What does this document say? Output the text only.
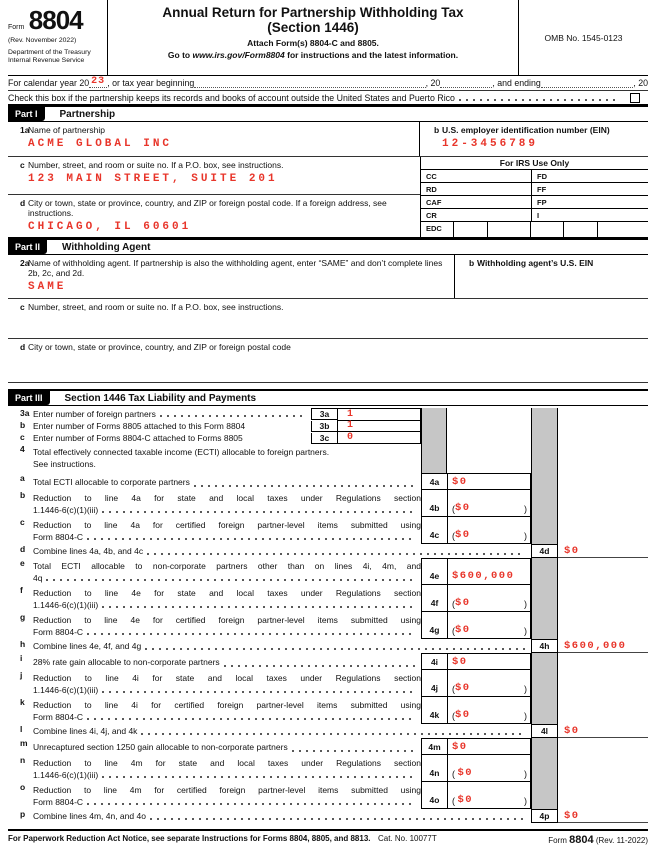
Form 8804
(Rev. November 2022)
Department of the Treasury
Internal Revenue Service
Annual Return for Partnership Withholding Tax
(Section 1446)
Attach Form(s) 8804-C and 8805.
Go to www.irs.gov/Form8804 for instructions and the latest information.
OMB No. 1545-0123
For calendar year 20 23 , or tax year beginning	, 20	, and ending	, 20
Check this box if the partnership keeps its records and books of account outside the United States and Puerto Rico
Part I	Partnership
1a
Name of partnership
ACME GLOBAL INC
b U.S. employer identification number (EIN)
12-3456789
c Number, street, and room or suite no. If a P.O. box, see instructions.
123 MAIN STREET, SUITE 201
d City or town, state or province, country, and ZIP or foreign postal code. If a foreign address, see instructions.
CHICAGO, IL 60601
For IRS Use Only
CC	FD
RD	FF
CAF	FP
CR	I
EDC
Part II	Withholding Agent
2a
Name of withholding agent. If partnership is also the withholding agent, enter “SAME” and don’t complete lines 2b, 2c, and 2d.
SAME
b Withholding agent’s U.S. EIN
c Number, street, and room or suite no. If a P.O. box, see instructions.
d City or town, state or province, country, and ZIP or foreign postal code
Part III	Section 1446 Tax Liability and Payments
3a Enter number of foreign partners	3a	1
b Enter number of Forms 8805 attached to this Form 8804	3b	1
c Enter number of Forms 8804-C attached to Forms 8805	3c	0
4 Total effectively connected taxable income (ECTI) allocable to foreign partners.
See instructions.
a Total ECTI allocable to corporate partners	4a	$0
b Reduction to line 4a for state and local taxes under Regulations section
1.1446-6(c)(1)(iii)	4b	( $0	)
c Reduction to line 4a for certified foreign partner-level items submitted using
Form 8804-C	4c	( $0	)
d Combine lines 4a, 4b, and 4c	4d	$0
e Total ECTI allocable to non-corporate partners other than on lines 4i, 4m, and
4q	4e	$600,000
f	Reduction to line 4e for state and local taxes under Regulations section
1.1446-6(c)(1)(iii)	4f	( $0	)
g Reduction to line 4e for certified foreign partner-level items submitted using
Form 8804-C	4g	( $0	)
h Combine lines 4e, 4f, and 4g	4h	$600,000
i	28% rate gain allocable to non-corporate partners	4i	$0
j	Reduction to line 4i for state and local taxes under Regulations section
1.1446-6(c)(1)(iii)	4j	( $0	)
k Reduction to line 4i for certified foreign partner-level items submitted using
Form 8804-C	4k	( $0	)
l	Combine lines 4i, 4j, and 4k	4l	$0
m Unrecaptured section 1250 gain allocable to non-corporate partners	4m	$0
n Reduction to line 4m for state and local taxes under Regulations section
1.1446-6(c)(1)(iii)	4n	( $0	)
o Reduction to line 4m for certified foreign partner-level items submitted using
Form 8804-C	4o	( $0	)
p Combine lines 4m, 4n, and 4o	4p	$0
For Paperwork Reduction Act Notice, see separate Instructions for Forms 8804, 8805, and 8813. Cat. No. 10077T	Form 8804 (Rev. 11-2022)
